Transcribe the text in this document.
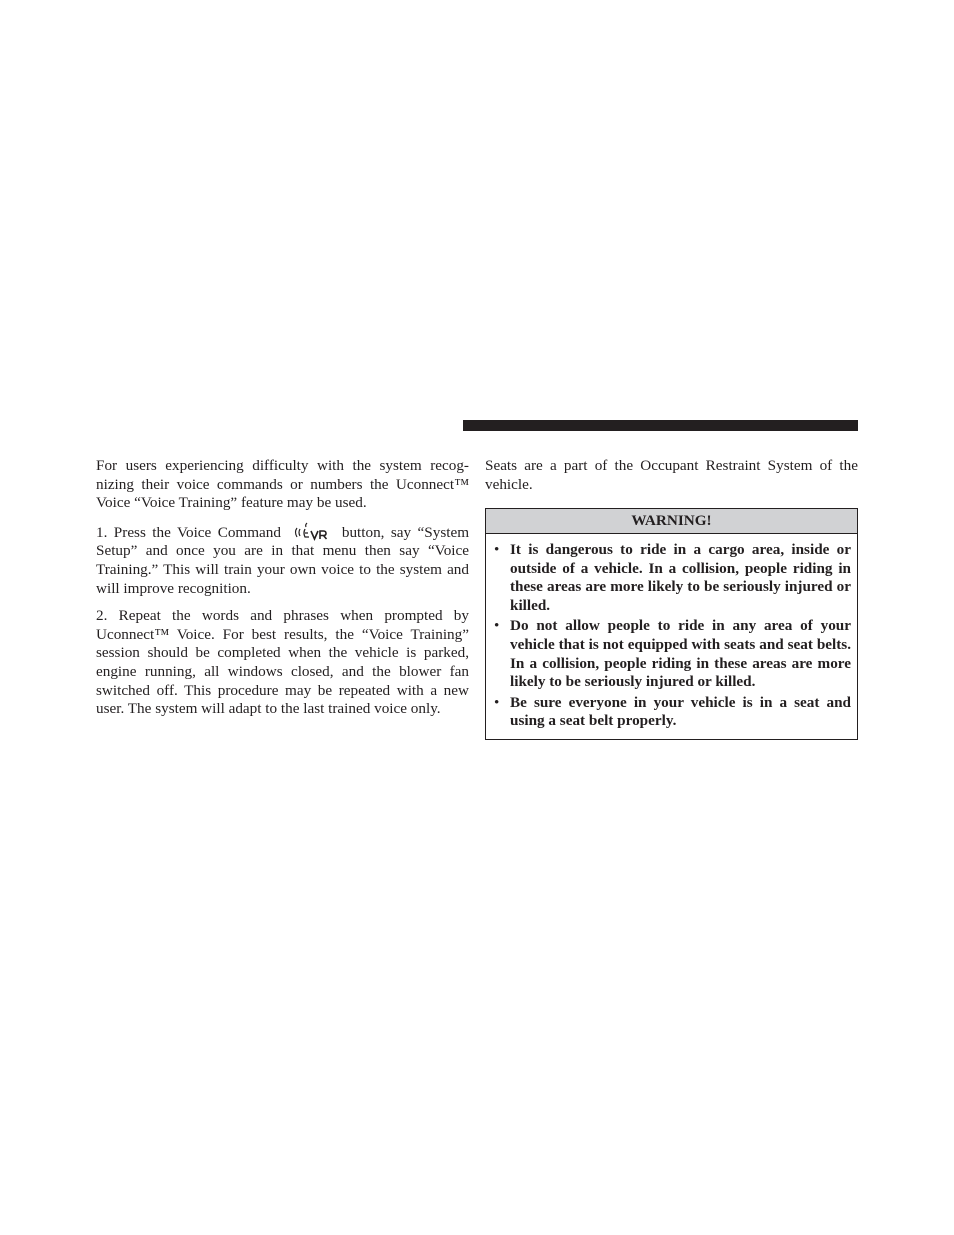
For users experiencing difficulty with the system recog-nizing their voice commands or numbers the Uconnect™ Voice “Voice Training” feature may be used.

1. Press the Voice Command	button, say “System Setup” and once you are in that menu then say “Voice Training.” This will train your own voice to the system and will improve recognition.

2. Repeat the words and phrases when prompted by Uconnect™ Voice. For best results, the “Voice Training” session should be completed when the vehicle is parked, engine running, all windows closed, and the blower fan switched off. This procedure may be repeated with a new user. The system will adapt to the last trained voice only.

Seats are a part of the Occupant Restraint System of the vehicle.

WARNING!
• It is dangerous to ride in a cargo area, inside or outside of a vehicle. In a collision, people riding in these areas are more likely to be seriously injured or killed.
• Do not allow people to ride in any area of your vehicle that is not equipped with seats and seat belts. In a collision, people riding in these areas are more likely to be seriously injured or killed.
• Be sure everyone in your vehicle is in a seat and using a seat belt properly.
